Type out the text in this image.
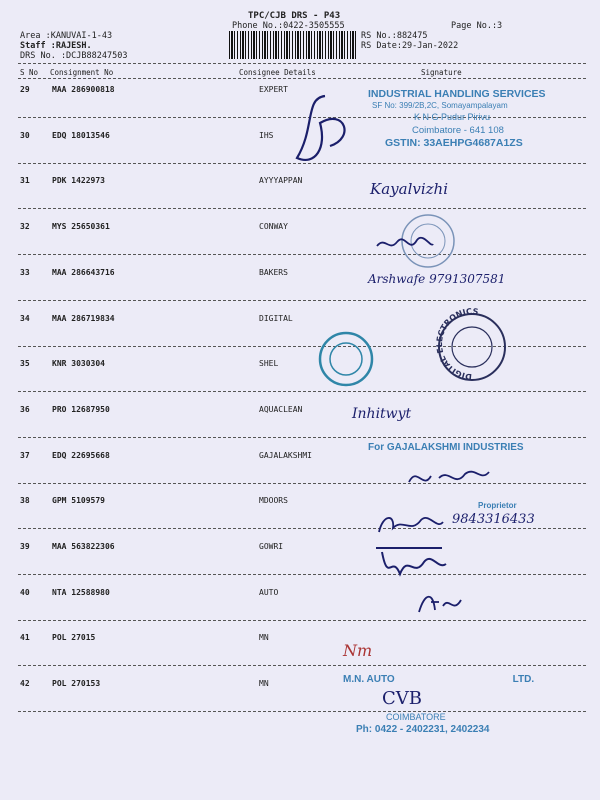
TPC/CJB DRS - P43
Phone No.:0422-3505555
Area :KANUVAI-1-43
Staff :RAJESH.
DRS No. :DCJB88247503
RS No.:882475
Page No.:3
RS Date:29-Jan-2022
S No Consignment No	Consignee Details	Signature
29	MAA 286900818	EXPERT
30	EDQ 18013546	IHS
31	PDK 1422973	AYYYAPPAN
32	MYS 25650361	CONWAY
33	MAA 286643716	BAKERS
34	MAA 286719834	DIGITAL
35	KNR 3030304	SHEL
36	PRO 12687950	AQUACLEAN
37	EDQ 22695668	GAJALAKSHMI
38	GPM 5109579	MDOORS
39	MAA 563822306	GOWRI
40	NTA 12588980	AUTO
41	POL 27015	MN
42	POL 270153	MN
INDUSTRIAL HANDLING SERVICES
SF No: 399/2B,2C, Somayampalayam
K N G Pudur Pirivu
Coimbatore - 641 108
GSTIN: 33AEHPG4687A1ZS
For GAJALAKSHMI INDUSTRIES
Proprietor
M.N. AUTO	LTD.
COIMBATORE
Ph: 0422 - 2402231, 2402234
DIGITAL ELECTRONICS
Kayalvizhi
Arshwafe 9791307581
Inhitwyt
9843316433
Nm
CVB
